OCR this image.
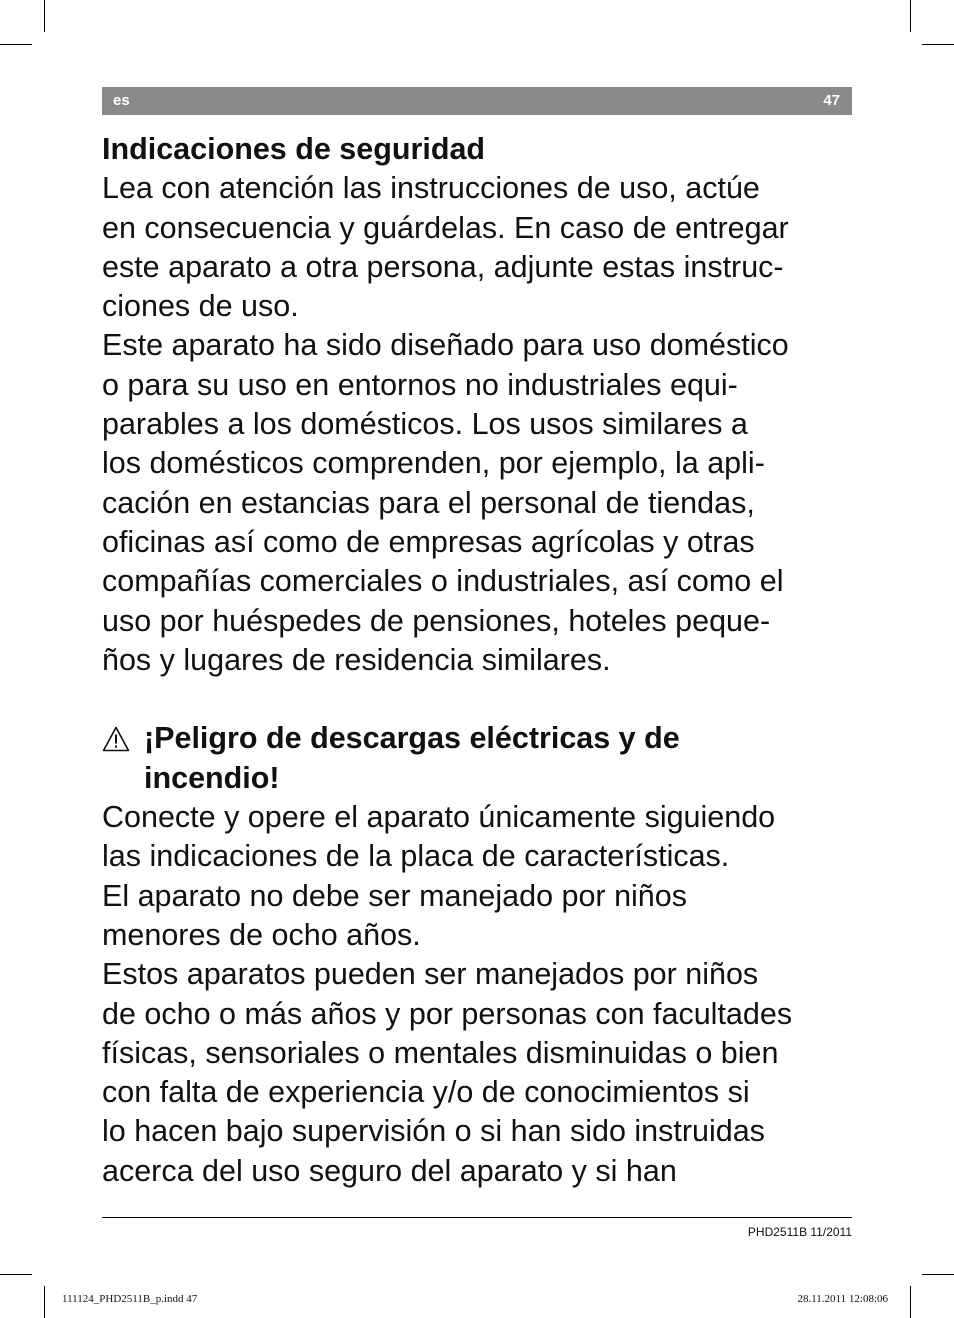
es	47
Indicaciones de seguridad
Lea con atención las instrucciones de uso, actúe
en consecuencia y guárdelas. En caso de entregar
este aparato a otra persona, adjunte estas instruc-
ciones de uso.
Este aparato ha sido diseñado para uso doméstico
o para su uso en entornos no industriales equi-
parables a los domésticos. Los usos similares a
los domésticos comprenden, por ejemplo, la apli-
cación en estancias para el personal de tiendas,
oficinas así como de empresas agrícolas y otras
compañías comerciales o industriales, así como el
uso por huéspedes de pensiones, hoteles peque-
ños y lugares de residencia similares.
¡Peligro de descargas eléctricas y de
incendio!
Conecte y opere el aparato únicamente siguiendo
las indicaciones de la placa de características.
El aparato no debe ser manejado por niños
menores de ocho años.
Estos aparatos pueden ser manejados por niños
de ocho o más años y por personas con facultades
físicas, sensoriales o mentales disminuidas o bien
con falta de experiencia y/o de conocimientos si
lo hacen bajo supervisión o si han sido instruidas
acerca del uso seguro del aparato y si han
PHD2511B 11/2011
111124_PHD2511B_p.indd 47	28.11.2011 12:08:06
